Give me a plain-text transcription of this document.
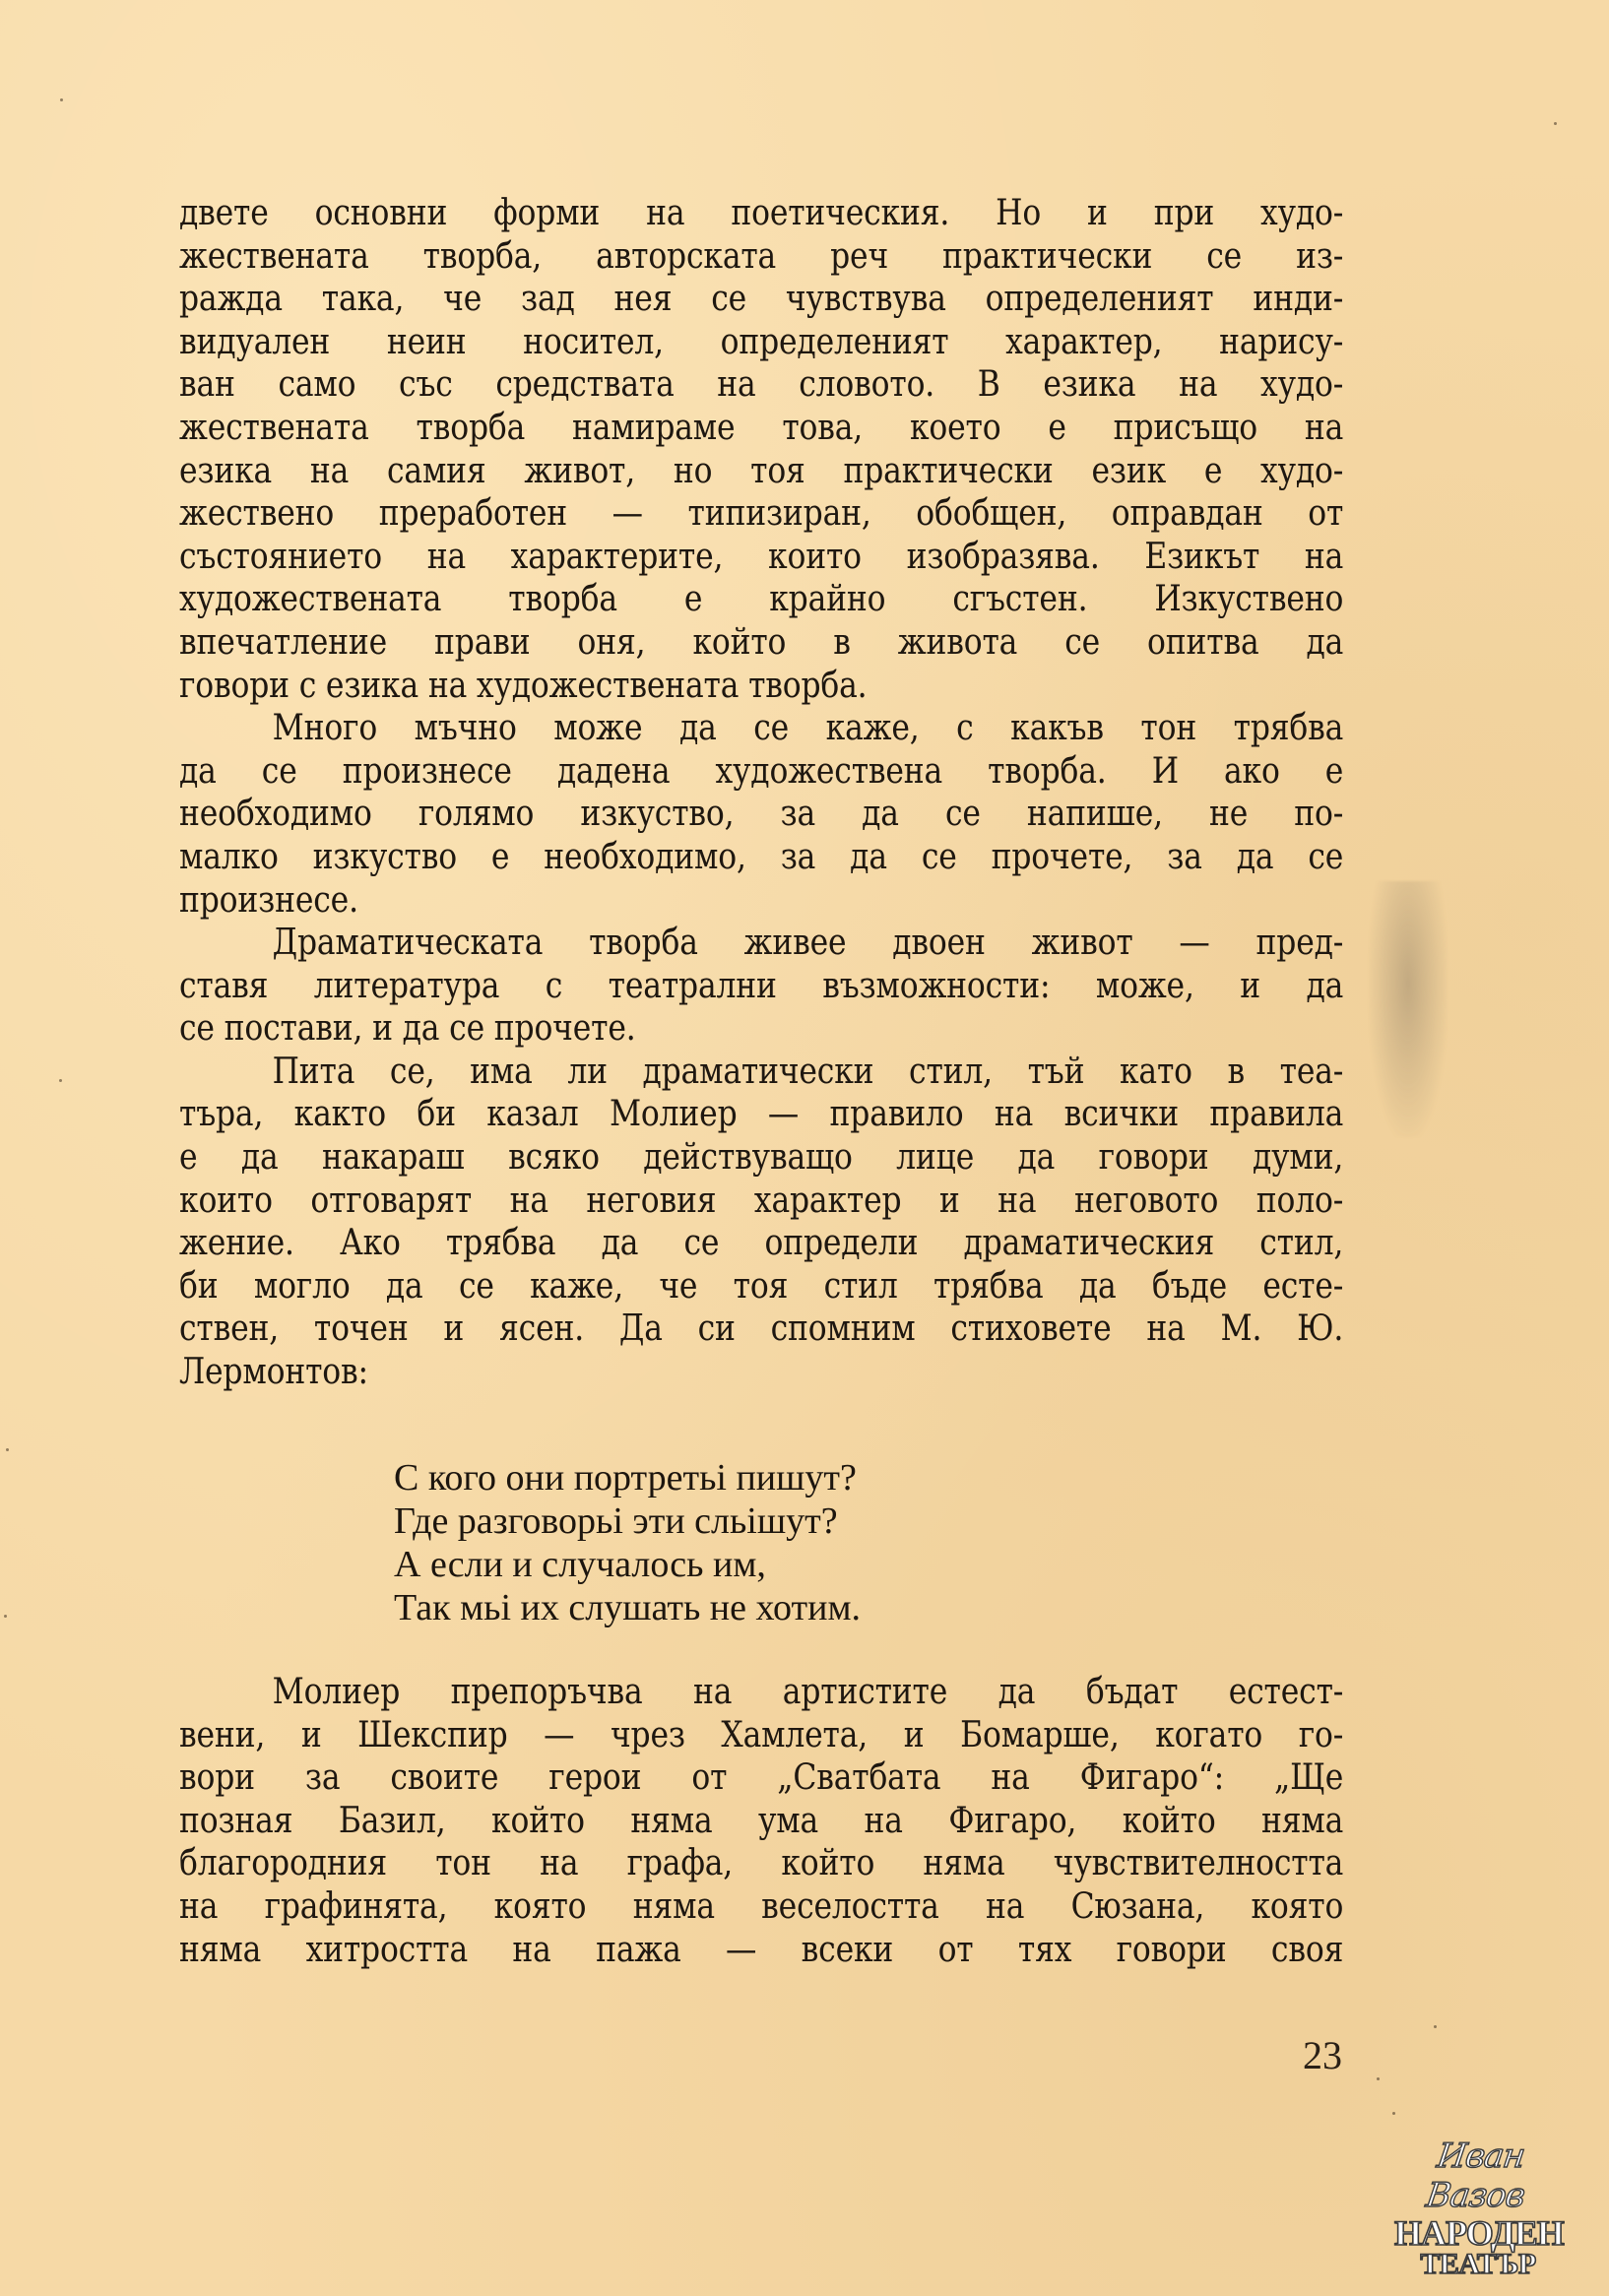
двете основни форми на поетическия. Но и при худо-
жествената творба, авторската реч практически се из-
ражда така, че зад нея се чувствува определеният инди-
видуален неин носител, определеният характер, нарису-
ван само със средствата на словото. В езика на худо-
жествената творба намираме това, което е присъщо на
езика на самия живот, но тоя практически език е худо-
жествено преработен — типизиран, обобщен, оправдан от
състоянието на характерите, които изобразява. Езикът на
художествената творба е крайно сгъстен. Изкуствено
впечатление прави оня, който в живота се опитва да
говори с езика на художествената творба.
Много мъчно може да се каже, с какъв тон трябва
да се произнесе дадена художествена творба. И ако е
необходимо голямо изкуство, за да се напише, не по-
малко изкуство е необходимо, за да се прочете, за да се
произнесе.
Драматическата творба живее двоен живот — пред-
ставя литература с театрални възможности: може, и да
се постави, и да се прочете.
Пита се, има ли драматически стил, тъй като в теа-
търа, както би казал Молиер — правило на всички правила
е да накараш всяко действуващо лице да говори думи,
които отговарят на неговия характер и на неговото поло-
жение. Ако трябва да се определи драматическия стил,
би могло да се каже, че тоя стил трябва да бъде есте-
ствен, точен и ясен. Да си спомним стиховете на М. Ю.
Лермонтов:
С кого они портретьі пишут?
Где разговорьі эти сльішут?
А если и случалось им,
Так мьі их слушать не хотим.
Молиер препоръчва на артистите да бъдат естест-
вени, и Шекспир — чрез Хамлета, и Бомарше, когато го-
вори за своите герои от „Сватбата на Фигаро“: „Ще
позная Базил, който няма ума на Фигаро, който няма
благородния тон на графа, който няма чувствителността
на графинята, която няма веселостта на Сюзана, която
няма хитростта на пажа — всеки от тях говори своя
23
Иван Вазов
НАРОДЕН
ТЕАТЪР
